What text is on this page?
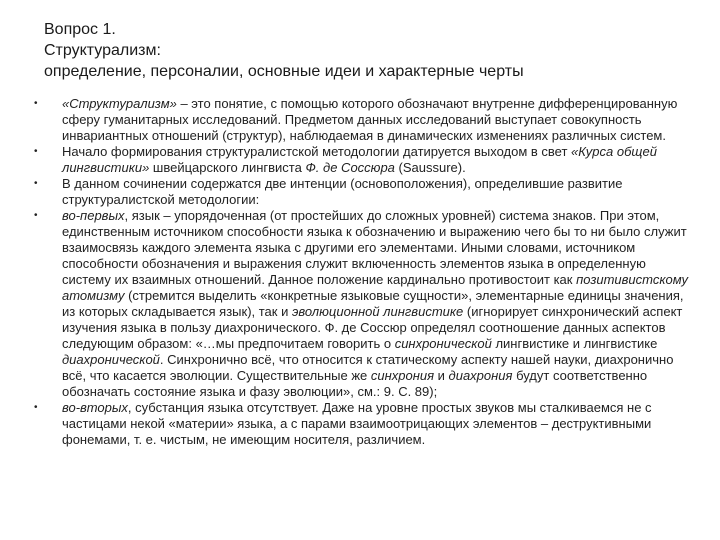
Вопрос 1.
Структурализм:
определение, персоналии, основные идеи и характерные черты
• «Структурализм» – это понятие, с помощью которого обозначают внутренне дифференцированную сферу гуманитарных исследований. Предметом данных исследований выступает совокупность инвариантных отношений (структур), наблюдаемая в динамических изменениях различных систем.
• Начало формирования структуралистской методологии датируется выходом в свет «Курса общей лингвистики» швейцарского лингвиста Ф. де Соссюра (Saussure).
• В данном сочинении содержатся две интенции (основоположения), определившие развитие структуралистской методологии:
• во-первых, язык – упорядоченная (от простейших до сложных уровней) система знаков. При этом, единственным источником способности языка к обозначению и выражению чего бы то ни было служит взаимосвязь каждого элемента языка с другими его элементами. Иными словами, источником способности обозначения и выражения служит включенность элементов языка в определенную систему их взаимных отношений. Данное положение кардинально противостоит как позитивистскому атомизму (стремится выделить «конкретные языковые сущности», элементарные единицы значения, из которых складывается язык), так и эволюционной лингвистике (игнорирует синхронический аспект изучения языка в пользу диахронического. Ф. де Соссюр определял соотношение данных аспектов следующим образом: «…мы предпочитаем говорить о синхронической лингвистике и лингвистике диахронической. Синхронично всё, что относится к статическому аспекту нашей науки, диахронично всё, что касается эволюции. Существительные же синхрония и диахрония будут соответственно обозначать состояние языка и фазу эволюции», см.: 9. С. 89);
• во-вторых, субстанция языка отсутствует. Даже на уровне простых звуков мы сталкиваемся не с частицами некой «материи» языка, а с парами взаимоотрицающих элементов – деструктивными фонемами, т. е. чистым, не имеющим носителя, различием.
